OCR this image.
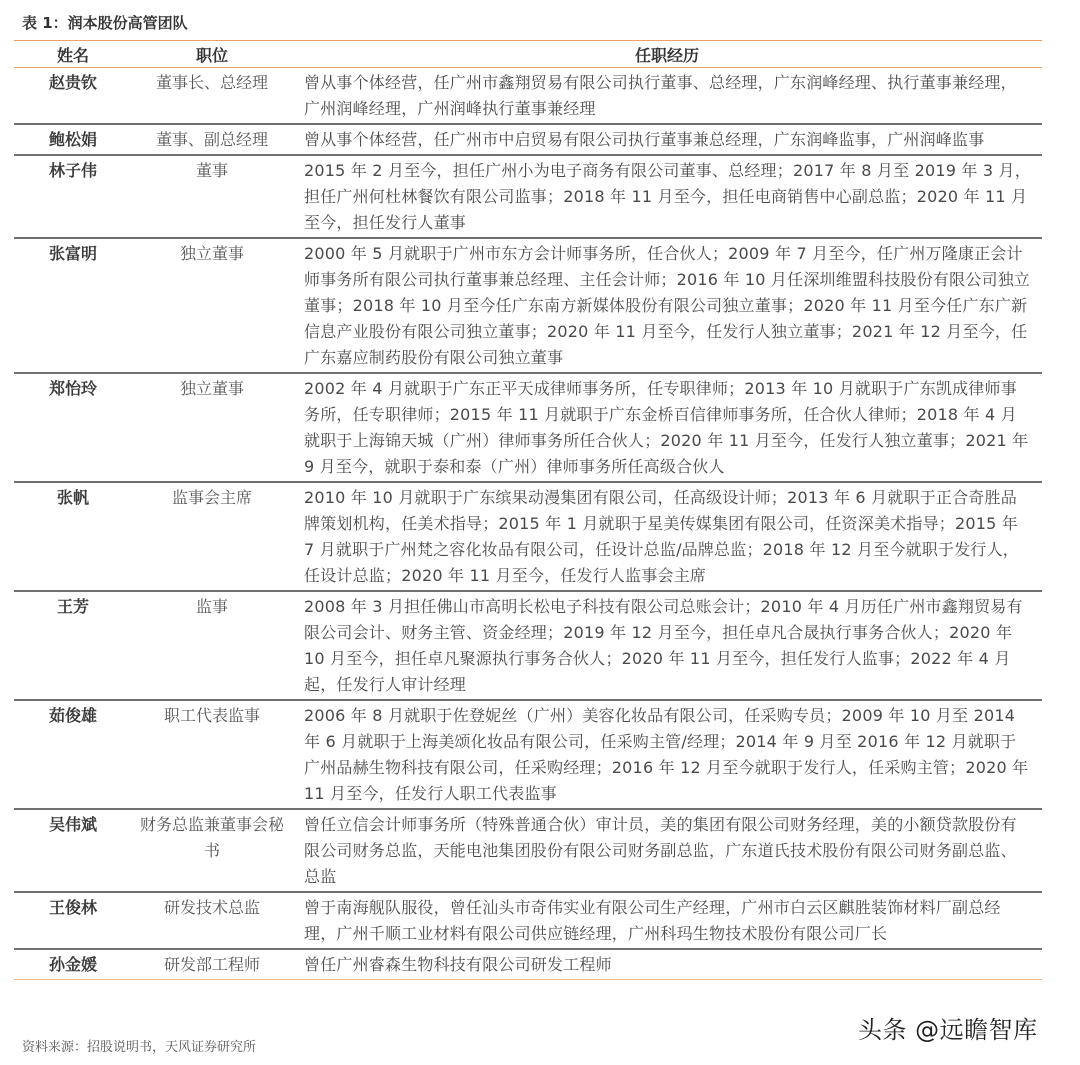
表 1：润本股份高管团队
姓名	职位	任职经历
赵贵钦	董事长、总经理	曾从事个体经营，任广州市鑫翔贸易有限公司执行董事、总经理，广东润峰经理、执行董事兼经理，广州润峰经理，广州润峰执行董事兼经理
鲍松娟	董事、副总经理	曾从事个体经营，任广州市中启贸易有限公司执行董事兼总经理，广东润峰监事，广州润峰监事
林子伟	董事	2015 年 2 月至今，担任广州小为电子商务有限公司董事、总经理；2017 年 8 月至 2019 年 3 月，担任广州何杜林餐饮有限公司监事；2018 年 11 月至今，担任电商销售中心副总监；2020 年 11 月至今，担任发行人董事
张富明	独立董事	2000 年 5 月就职于广州市东方会计师事务所，任合伙人；2009 年 7 月至今，任广州万隆康正会计师事务所有限公司执行董事兼总经理、主任会计师；2016 年 10 月任深圳维盟科技股份有限公司独立董事；2018 年 10 月至今任广东南方新媒体股份有限公司独立董事；2020 年 11 月至今任广东广新信息产业股份有限公司独立董事；2020 年 11 月至今，任发行人独立董事；2021 年 12 月至今，任广东嘉应制药股份有限公司独立董事
郑怡玲	独立董事	2002 年 4 月就职于广东正平天成律师事务所，任专职律师；2013 年 10 月就职于广东凯成律师事务所，任专职律师；2015 年 11 月就职于广东金桥百信律师事务所，任合伙人律师；2018 年 4 月就职于上海锦天城（广州）律师事务所任合伙人；2020 年 11 月至今，任发行人独立董事；2021 年 9 月至今，就职于泰和泰（广州）律师事务所任高级合伙人
张帆	监事会主席	2010 年 10 月就职于广东缤果动漫集团有限公司，任高级设计师；2013 年 6 月就职于正合奇胜品牌策划机构，任美术指导；2015 年 1 月就职于星美传媒集团有限公司，任资深美术指导；2015 年 7 月就职于广州梵之容化妆品有限公司，任设计总监/品牌总监；2018 年 12 月至今就职于发行人，任设计总监；2020 年 11 月至今，任发行人监事会主席
王芳	监事	2008 年 3 月担任佛山市高明长松电子科技有限公司总账会计；2010 年 4 月历任广州市鑫翔贸易有限公司会计、财务主管、资金经理；2019 年 12 月至今，担任卓凡合晟执行事务合伙人；2020 年 10 月至今，担任卓凡聚源执行事务合伙人；2020 年 11 月至今，担任发行人监事；2022 年 4 月起，任发行人审计经理
茹俊雄	职工代表监事	2006 年 8 月就职于佐登妮丝（广州）美容化妆品有限公司，任采购专员；2009 年 10 月至 2014 年 6 月就职于上海美颂化妆品有限公司，任采购主管/经理；2014 年 9 月至 2016 年 12 月就职于广州品赫生物科技有限公司，任采购经理；2016 年 12 月至今就职于发行人，任采购主管；2020 年 11 月至今，任发行人职工代表监事
吴伟斌	财务总监兼董事会秘书	曾任立信会计师事务所（特殊普通合伙）审计员，美的集团有限公司财务经理，美的小额贷款股份有限公司财务总监，天能电池集团股份有限公司财务副总监，广东道氏技术股份有限公司财务副总监、总监
王俊林	研发技术总监	曾于南海舰队服役，曾任汕头市奇伟实业有限公司生产经理，广州市白云区麒胜装饰材料厂副总经理，广州千顺工业材料有限公司供应链经理，广州科玛生物技术股份有限公司厂长
孙金媛	研发部工程师	曾任广州睿森生物科技有限公司研发工程师
资料来源：招股说明书，天风证券研究所
头条 @远瞻智库
